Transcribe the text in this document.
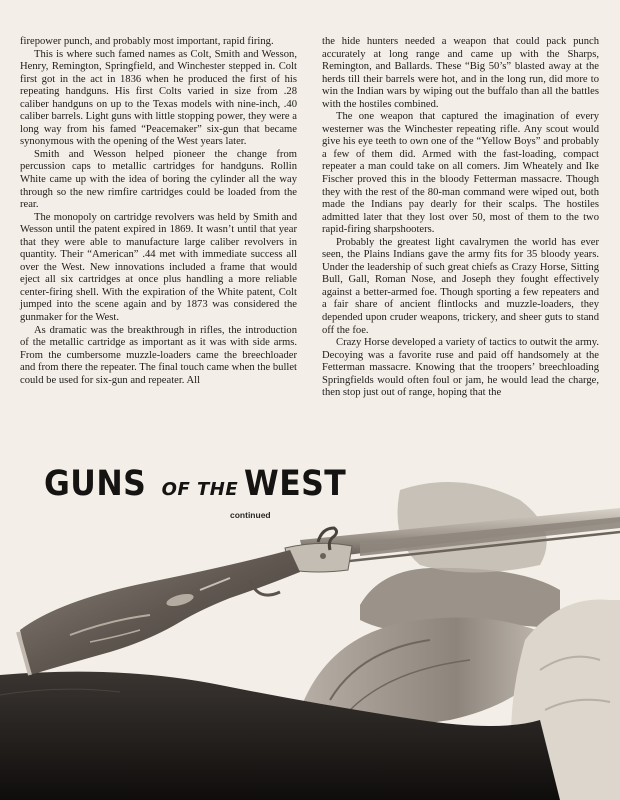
firepower punch, and probably most important, rapid firing.

This is where such famed names as Colt, Smith and Wesson, Henry, Remington, Springfield, and Winchester stepped in. Colt first got in the act in 1836 when he produced the first of his repeating handguns. His first Colts varied in size from .28 caliber handguns on up to the Texas models with nine-inch, .40 caliber barrels. Light guns with little stopping power, they were a long way from his famed “Peacemaker” six-gun that became synonymous with the opening of the West years later.

Smith and Wesson helped pioneer the change from percussion caps to metallic cartridges for handguns. Rollin White came up with the idea of boring the cylinder all the way through so the new rimfire cartridges could be loaded from the rear.

The monopoly on cartridge revolvers was held by Smith and Wesson until the patent expired in 1869. It wasn’t until that year that they were able to manufacture large caliber revolvers in quantity. Their “American” .44 met with immediate success all over the West. New innovations included a frame that would eject all six cartridges at once plus handling a more reliable center-firing shell. With the expiration of the White patent, Colt jumped into the scene again and by 1873 was considered the gunmaker for the West.

As dramatic was the breakthrough in rifles, the introduction of the metallic cartridge as important as it was with side arms. From the cumbersome muzzle-loaders came the breechloader and from there the repeater. The final touch came when the bullet could be used for six-gun and repeater. All

the hide hunters needed a weapon that could pack punch accurately at long range and came up with the Sharps, Remington, and Ballards. These “Big 50’s” blasted away at the herds till their barrels were hot, and in the long run, did more to win the Indian wars by wiping out the buffalo than all the battles with the hostiles combined.

The one weapon that captured the imagination of every westerner was the Winchester repeating rifle. Any scout would give his eye teeth to own one of the “Yellow Boys” and probably a few of them did. Armed with the fast-loading, compact repeater a man could take on all comers. Jim Wheately and Ike Fischer proved this in the bloody Fetterman massacre. Though they with the rest of the 80-man command were wiped out, both made the Indians pay dearly for their scalps. The hostiles admitted later that they lost over 50, most of them to the two rapid-firing sharpshooters.

Probably the greatest light cavalrymen the world has ever seen, the Plains Indians gave the army fits for 35 bloody years. Under the leadership of such great chiefs as Crazy Horse, Sitting Bull, Gall, Roman Nose, and Joseph they fought effectively against a better-armed foe. Though sporting a few repeaters and a fair share of ancient flintlocks and muzzle-loaders, they depended upon cruder weapons, trickery, and sheer guts to stand off the foe.

Crazy Horse developed a variety of tactics to outwit the army. Decoying was a favorite ruse and paid off handsomely at the Fetterman massacre. Knowing that the troopers’ breechloading Springfields would often foul or jam, he would lead the charge, then stop just out of range, hoping that the

GUNS OF THE WEST
continued
